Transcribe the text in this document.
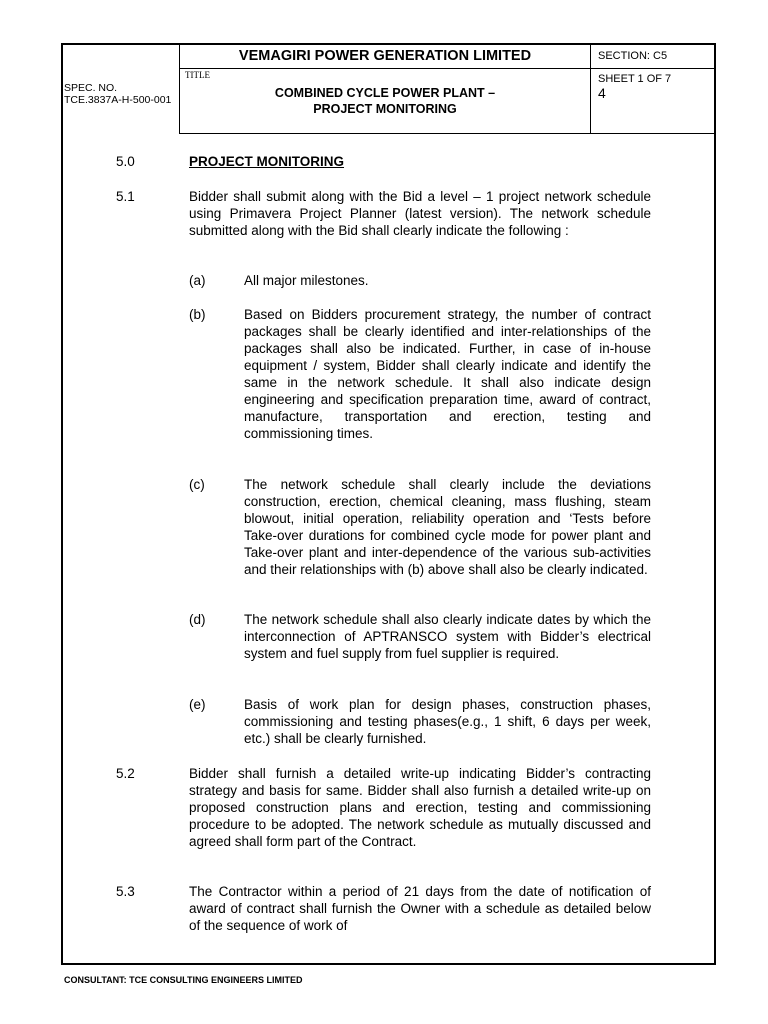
SPEC. NO.
TCE.3837A-H-500-001
VEMAGIRI POWER GENERATION LIMITED
TITLE
COMBINED CYCLE POWER PLANT –
PROJECT MONITORING
SECTION: C5
SHEET 1 OF 7
4
5.0	PROJECT MONITORING
5.1	Bidder shall submit along with the Bid a level – 1 project network schedule using Primavera Project Planner (latest version). The network schedule submitted along with the Bid shall clearly indicate the following :
(a)	All major milestones.
(b)	Based on Bidders procurement strategy, the number of contract packages shall be clearly identified and inter-relationships of the packages shall also be indicated. Further, in case of in-house equipment / system, Bidder shall clearly indicate and identify the same in the network schedule. It shall also indicate design engineering and specification preparation time, award of contract, manufacture, transportation and erection, testing and commissioning times.
(c)	The network schedule shall clearly include the deviations construction, erection, chemical cleaning, mass flushing, steam blowout, initial operation, reliability operation and ‘Tests before Take-over durations for combined cycle mode for power plant and Take-over plant and inter-dependence of the various sub-activities and their relationships with (b) above shall also be clearly indicated.
(d)	The network schedule shall also clearly indicate dates by which the interconnection of APTRANSCO system with Bidder’s electrical system and fuel supply from fuel supplier is required.
(e)	Basis of work plan for design phases, construction phases, commissioning and testing phases(e.g., 1 shift, 6 days per week, etc.) shall be clearly furnished.
5.2	Bidder shall furnish a detailed write-up indicating Bidder’s contracting strategy and basis for same. Bidder shall also furnish a detailed write-up on proposed construction plans and erection, testing and commissioning procedure to be adopted. The network schedule as mutually discussed and agreed shall form part of the Contract.
5.3	The Contractor within a period of 21 days from the date of notification of award of contract shall furnish the Owner with a schedule as detailed below of the sequence of work of
CONSULTANT: TCE CONSULTING ENGINEERS LIMITED
